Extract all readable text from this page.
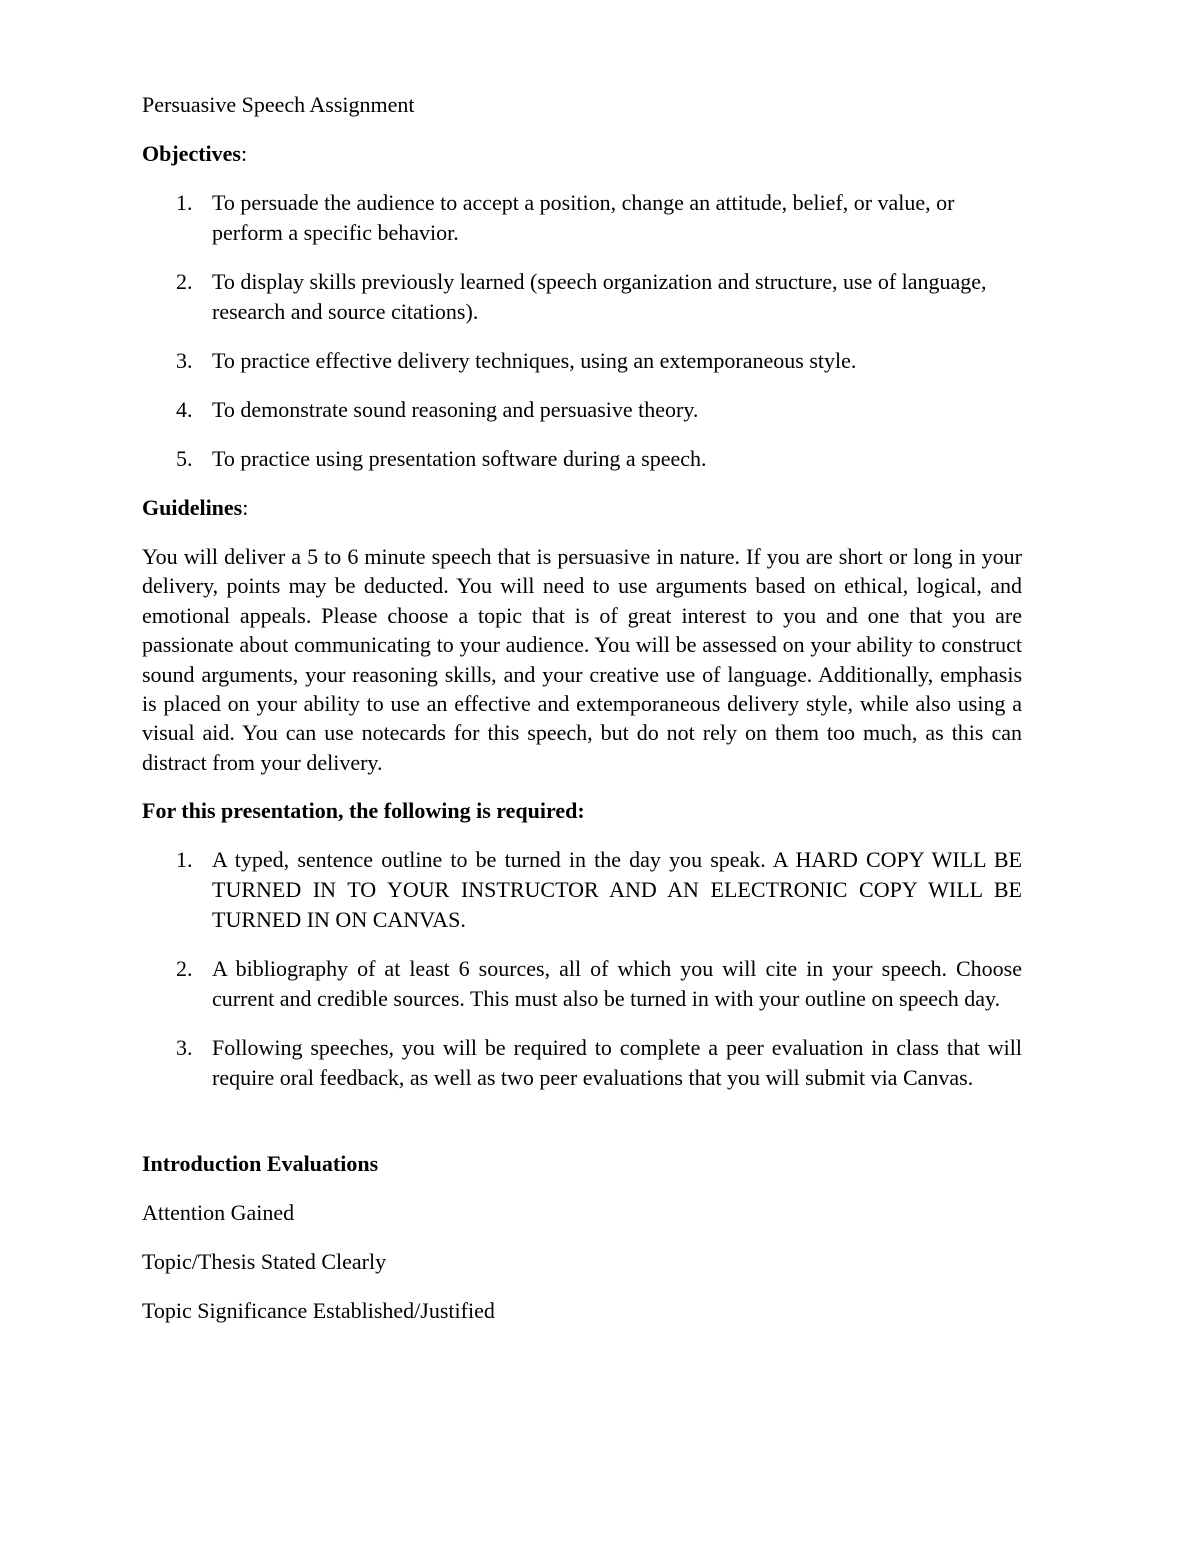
Persuasive Speech Assignment

Objectives:

1. To persuade the audience to accept a position, change an attitude, belief, or value, or perform a specific behavior.
2. To display skills previously learned (speech organization and structure, use of language, research and source citations).
3. To practice effective delivery techniques, using an extemporaneous style.
4. To demonstrate sound reasoning and persuasive theory.
5. To practice using presentation software during a speech.

Guidelines:

You will deliver a 5 to 6 minute speech that is persuasive in nature. If you are short or long in your delivery, points may be deducted. You will need to use arguments based on ethical, logical, and emotional appeals. Please choose a topic that is of great interest to you and one that you are passionate about communicating to your audience. You will be assessed on your ability to construct sound arguments, your reasoning skills, and your creative use of language. Additionally, emphasis is placed on your ability to use an effective and extemporaneous delivery style, while also using a visual aid. You can use notecards for this speech, but do not rely on them too much, as this can distract from your delivery.

For this presentation, the following is required:

1. A typed, sentence outline to be turned in the day you speak. A HARD COPY WILL BE TURNED IN TO YOUR INSTRUCTOR AND AN ELECTRONIC COPY WILL BE TURNED IN ON CANVAS.
2. A bibliography of at least 6 sources, all of which you will cite in your speech. Choose current and credible sources. This must also be turned in with your outline on speech day.
3. Following speeches, you will be required to complete a peer evaluation in class that will require oral feedback, as well as two peer evaluations that you will submit via Canvas.

Introduction Evaluations

Attention Gained

Topic/Thesis Stated Clearly

Topic Significance Established/Justified
